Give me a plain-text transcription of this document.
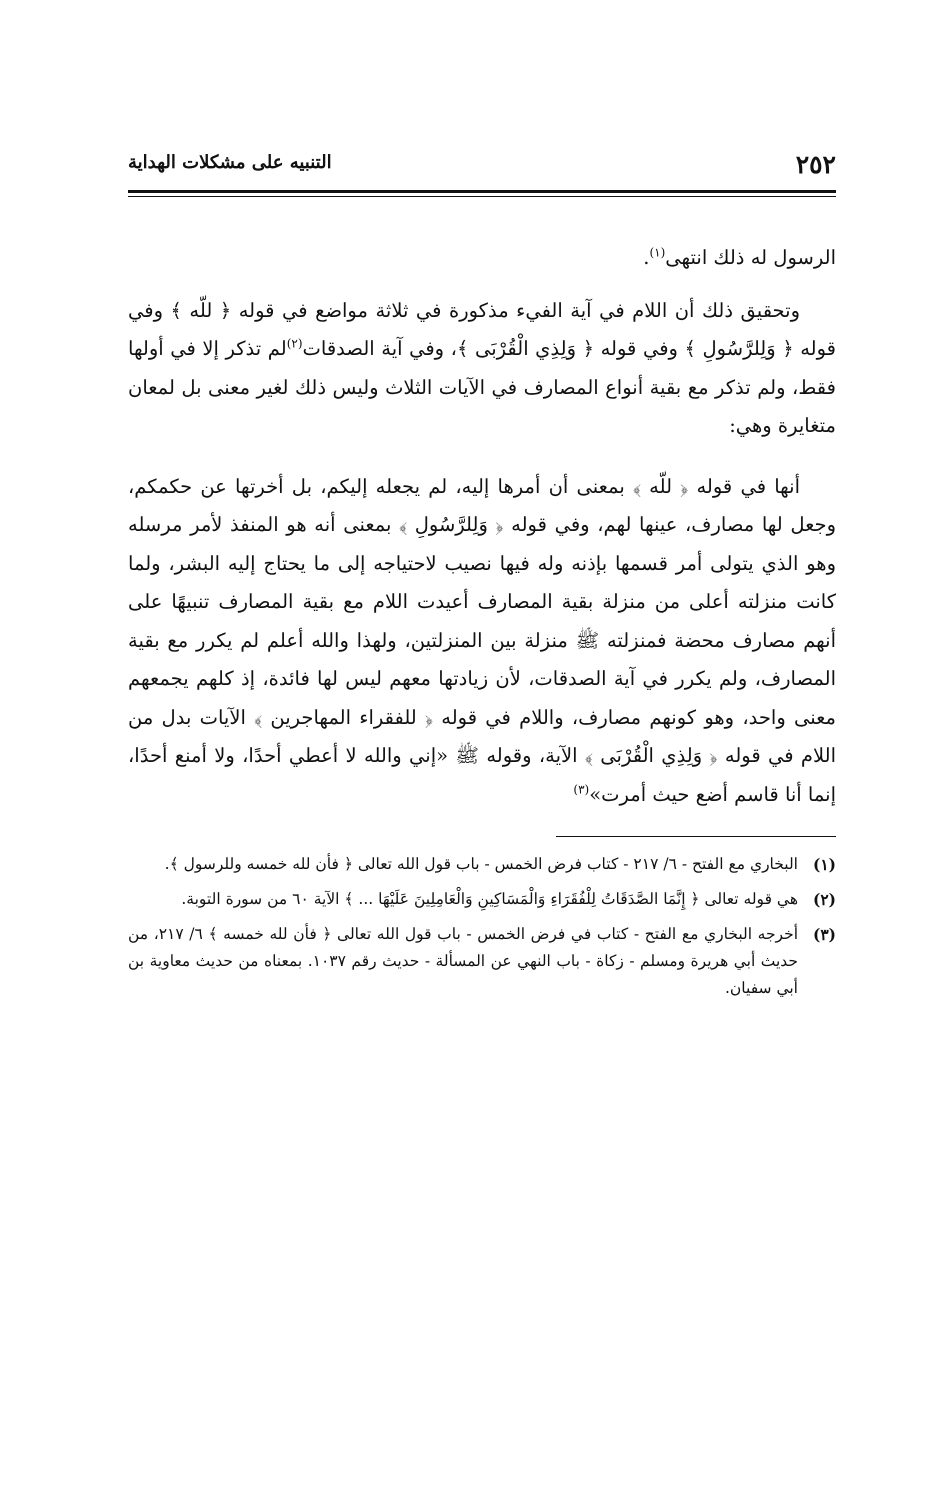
٢٥٢
التنبيه على مشكلات الهداية

الرسول له ذلك انتهى$^{(١)}$.

وتحقيق ذلك أن اللام في آية الفيء مذكورة في ثلاثة مواضع في قوله ﴿ للّه ﴾ وفي قوله ﴿ وَلِلرَّسُولِ ﴾ وفي قوله ﴿ وَلِذِي الْقُرْبَى ﴾، وفي آية الصدقات$^{(٢)}$لم تذكر إلا في أولها فقط، ولم تذكر مع بقية أنواع المصارف في الآيات الثلاث وليس ذلك لغير معنى بل لمعان متغايرة وهي:

أنها في قوله ﴿ للّه ﴾ بمعنى أن أمرها إليه، لم يجعله إليكم، بل أخرتها عن حكمكم، وجعل لها مصارف، عينها لهم، وفي قوله ﴿ وَلِلرَّسُولِ ﴾ بمعنى أنه هو المنفذ لأمر مرسله وهو الذي يتولى أمر قسمها بإذنه وله فيها نصيب لاحتياجه إلى ما يحتاج إليه البشر، ولما كانت منزلته أعلى من منزلة بقية المصارف أعيدت اللام مع بقية المصارف تنبيهًا على أنهم مصارف محضة فمنزلته ﷺ منزلة بين المنزلتين، ولهذا والله أعلم لم يكرر مع بقية المصارف، ولم يكرر في آية الصدقات، لأن زيادتها معهم ليس لها فائدة، إذ كلهم يجمعهم معنى واحد، وهو كونهم مصارف، واللام في قوله ﴿ للفقراء المهاجرين ﴾ الآيات بدل من اللام في قوله ﴿ وَلِذِي الْقُرْبَى ﴾ الآية، وقوله ﷺ «إني والله لا أعطي أحدًا، ولا أمنع أحدًا، إنما أنا قاسم أضع حيث أمرت»$^{(٣)}$

(١)
البخاري مع الفتح - ٦/ ٢١٧ - كتاب فرض الخمس - باب قول الله تعالى ﴿ فأن لله خمسه وللرسول ﴾.
(٢)
هي قوله تعالى ﴿ إِنَّمَا الصَّدَقَاتُ لِلْفُقَرَاءِ وَالْمَسَاكِينِ وَالْعَامِلِينَ عَلَيْهَا ... ﴾ الآية ٦٠ من سورة التوبة.
(٣)
أخرجه البخاري مع الفتح - كتاب في فرض الخمس - باب قول الله تعالى ﴿ فأن لله خمسه ﴾ ٦/ ٢١٧، من حديث أبي هريرة ومسلم - زكاة - باب النهي عن المسألة - حديث رقم ١٠٣٧. بمعناه من حديث معاوية بن أبي سفيان.
